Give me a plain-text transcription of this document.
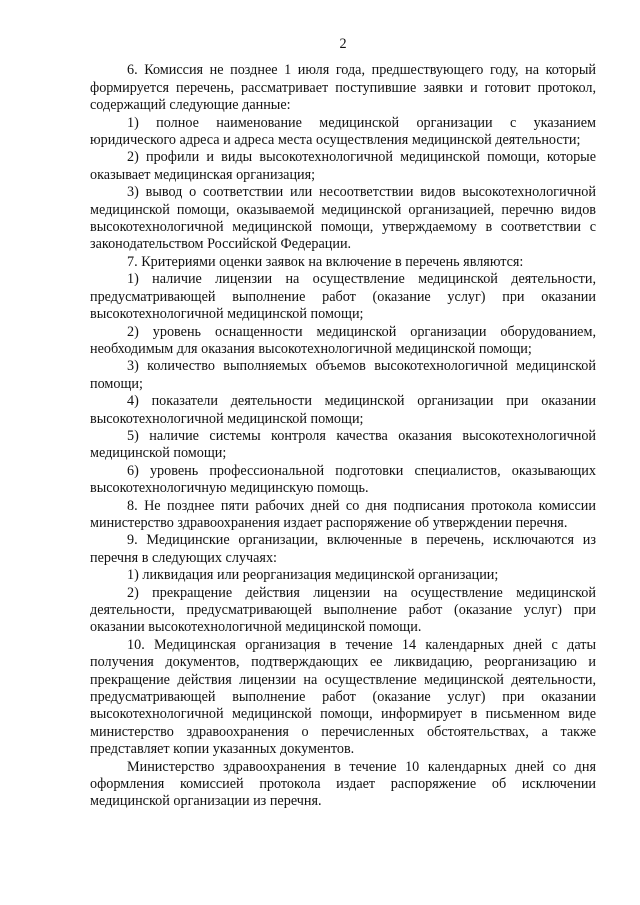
2

6. Комиссия не позднее 1 июля года, предшествующего году, на который формируется перечень, рассматривает поступившие заявки и готовит протокол, содержащий следующие данные:

1) полное наименование медицинской организации с указанием юридического адреса и адреса места осуществления медицинской деятельности;

2) профили и виды высокотехнологичной медицинской помощи, которые оказывает медицинская организация;

3) вывод о соответствии или несоответствии видов высокотехнологичной медицинской помощи, оказываемой медицинской организацией, перечню видов высокотехнологичной медицинской помощи, утверждаемому в соответствии с законодательством Российской Федерации.

7. Критериями оценки заявок на включение в перечень являются:

1) наличие лицензии на осуществление медицинской деятельности, предусматривающей выполнение работ (оказание услуг) при оказании высокотехнологичной медицинской помощи;

2) уровень оснащенности медицинской организации оборудованием, необходимым для оказания высокотехнологичной медицинской помощи;

3) количество выполняемых объемов высокотехнологичной медицинской помощи;

4) показатели деятельности медицинской организации при оказании высокотехнологичной медицинской помощи;

5) наличие системы контроля качества оказания высокотехнологичной медицинской помощи;

6) уровень профессиональной подготовки специалистов, оказывающих высокотехнологичную медицинскую помощь.

8. Не позднее пяти рабочих дней со дня подписания протокола комиссии министерство здравоохранения издает распоряжение об утверждении перечня.

9. Медицинские организации, включенные в перечень, исключаются из перечня в следующих случаях:

1) ликвидация или реорганизация медицинской организации;

2) прекращение действия лицензии на осуществление медицинской деятельности, предусматривающей выполнение работ (оказание услуг) при оказании высокотехнологичной медицинской помощи.

10. Медицинская организация в течение 14 календарных дней с даты получения документов, подтверждающих ее ликвидацию, реорганизацию и прекращение действия лицензии на осуществление медицинской деятельности, предусматривающей выполнение работ (оказание услуг) при оказании высокотехнологичной медицинской помощи, информирует в письменном виде министерство здравоохранения о перечисленных обстоятельствах, а также представляет копии указанных документов.

Министерство здравоохранения в течение 10 календарных дней со дня оформления комиссией протокола издает распоряжение об исключении медицинской организации из перечня.
